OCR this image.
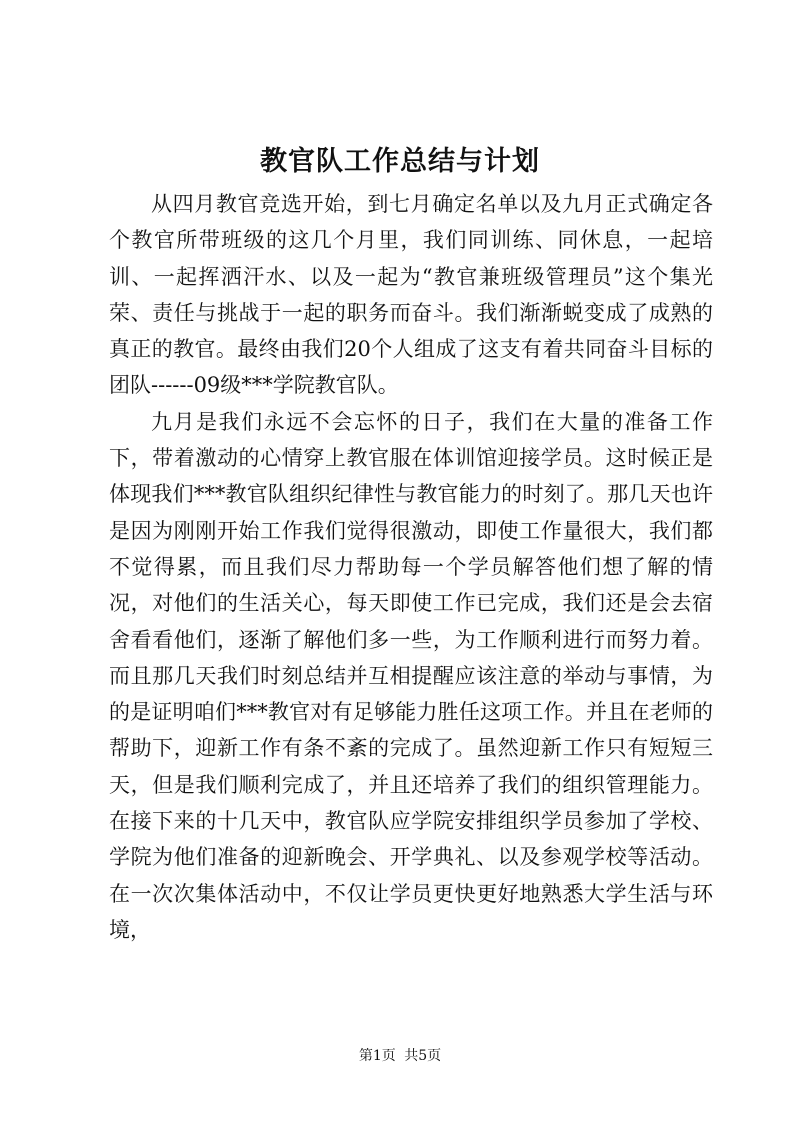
教官队工作总结与计划

从四月教官竞选开始，到七月确定名单以及九月正式确定各个教官所带班级的这几个月里，我们同训练、同休息，一起培训、一起挥洒汗水、以及一起为“教官兼班级管理员”这个集光荣、责任与挑战于一起的职务而奋斗。我们渐渐蜕变成了成熟的真正的教官。最终由我们20个人组成了这支有着共同奋斗目标的团队------09级***学院教官队。

九月是我们永远不会忘怀的日子，我们在大量的准备工作下，带着激动的心情穿上教官服在体训馆迎接学员。这时候正是体现我们***教官队组织纪律性与教官能力的时刻了。那几天也许是因为刚刚开始工作我们觉得很激动，即使工作量很大，我们都不觉得累，而且我们尽力帮助每一个学员解答他们想了解的情况，对他们的生活关心，每天即使工作已完成，我们还是会去宿舍看看他们，逐渐了解他们多一些，为工作顺利进行而努力着。而且那几天我们时刻总结并互相提醒应该注意的举动与事情，为的是证明咱们***教官对有足够能力胜任这项工作。并且在老师的帮助下，迎新工作有条不紊的完成了。虽然迎新工作只有短短三天，但是我们顺利完成了，并且还培养了我们的组织管理能力。在接下来的十几天中，教官队应学院安排组织学员参加了学校、学院为他们准备的迎新晚会、开学典礼、以及参观学校等活动。在一次次集体活动中，不仅让学员更快更好地熟悉大学生活与环境，

第1页 共5页
